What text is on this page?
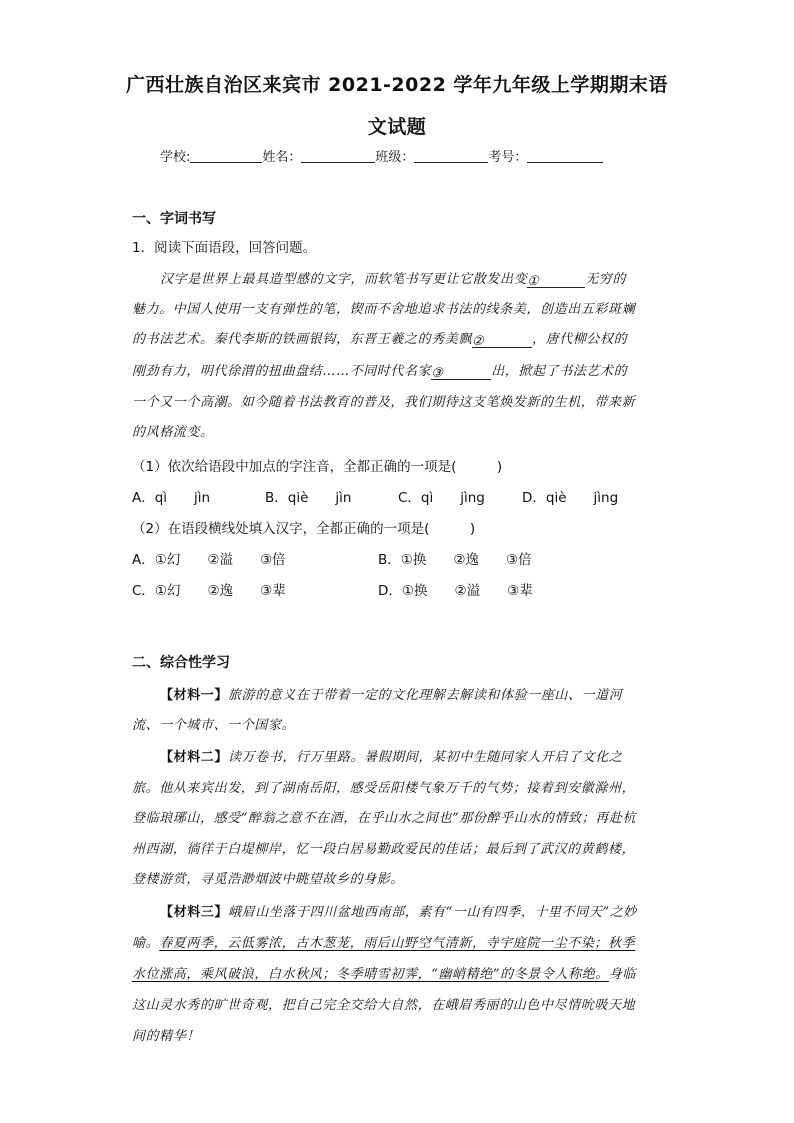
广西壮族自治区来宾市 2021-2022 学年九年级上学期期末语
文试题
学校:	姓名：	班级：	考号：
一、字词书写
1．阅读下面语段，回答问题。
汉字是世界上最具造型感的文字，而软笔书写更让它散发出变①	无穷的
魅力。中国人使用一支有弹性的笔，锲而不舍地追求书法的线条美，创造出五彩斑斓
的书法艺术。秦代李斯的铁画银钩，东晋王羲之的秀美飘②	，唐代柳公权的
刚劲有力，明代徐渭的扭曲盘结……不同时代名家③	出，掀起了书法艺术的
一个又一个高潮。如今随着书法教育的普及，我们期待这支笔焕发新的生机，带来新
的风格流变。
（1）依次给语段中加点的字注音，全都正确的一项是(　　　)
A．qì　　jìn	B．qiè　　jìn	C．qì　　jìng	D．qiè　　jìng
（2）在语段横线处填入汉字，全都正确的一项是(　　　)
A．①幻　　②溢　　③倍	B．①换　　②逸　　③倍
C．①幻　　②逸　　③辈	D．①换　　②溢　　③辈
二、综合性学习
【材料一】旅游的意义在于带着一定的文化理解去解读和体验一座山、一道河
流、一个城市、一个国家。
【材料二】读万卷书，行万里路。暑假期间，某初中生随同家人开启了文化之
旅。他从来宾出发，到了湖南岳阳，感受岳阳楼气象万千的气势；接着到安徽滁州，
登临琅琊山，感受“醉翁之意不在酒，在乎山水之间也”那份醉乎山水的情致；再赴杭
州西湖，徜徉于白堤柳岸，忆一段白居易勤政爱民的佳话；最后到了武汉的黄鹤楼，
登楼游赏，寻觅浩渺烟波中眺望故乡的身影。
【材料三】峨眉山坐落于四川盆地西南部，素有“一山有四季，十里不同天”之妙
喻。春夏两季，云低雾浓，古木葱茏，雨后山野空气清新，寺宇庭院一尘不染；秋季
水位涨高，乘风破浪，白水秋风；冬季晴雪初霁，“幽峭精绝”的冬景令人称绝。身临
这山灵水秀的旷世奇观，把自己完全交给大自然，在峨眉秀丽的山色中尽情吮吸天地
间的精华！
